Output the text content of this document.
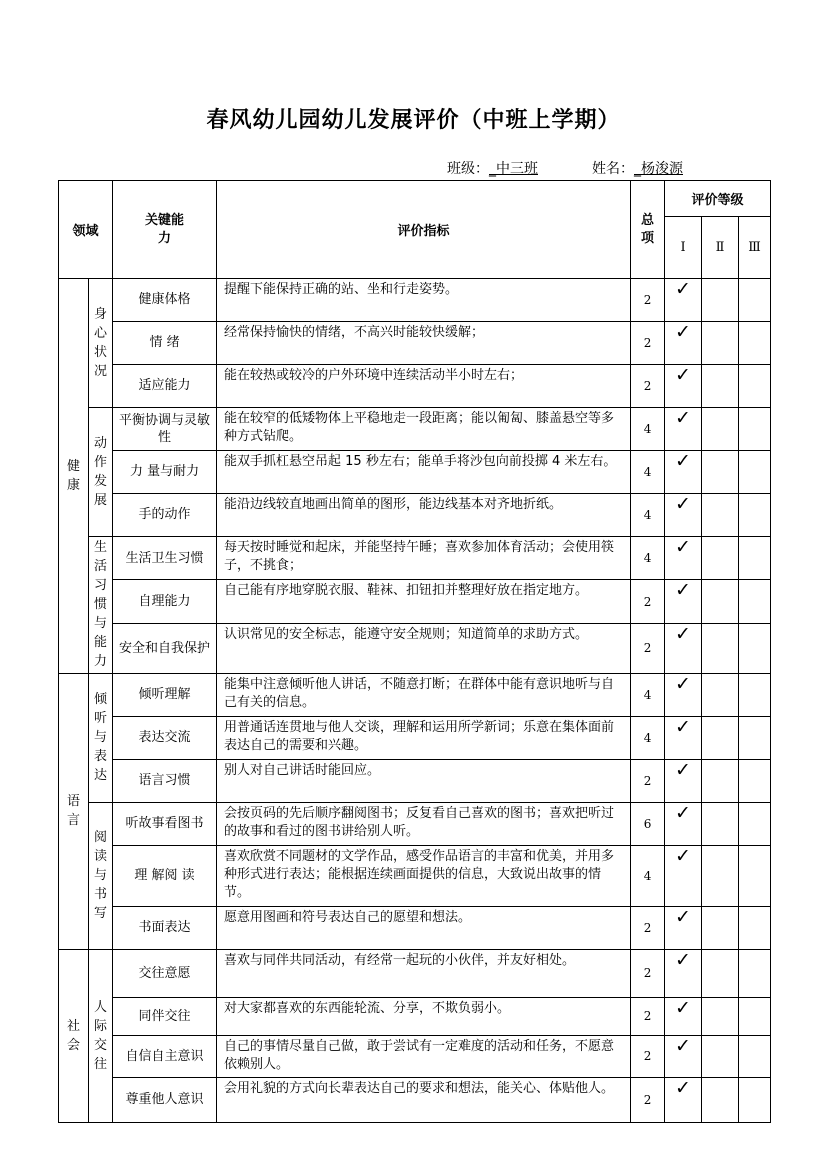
春风幼儿园幼儿发展评价（中班上学期）
班级：_中三班	姓名：_杨浚源
领域		关键能力	评价指标	总项	评价等级		
					Ⅰ	Ⅱ	Ⅲ

健康	身心状况	健康体格	提醒下能保持正确的站、坐和行走姿势。	2	✓		
		情 绪	经常保持愉快的情绪，不高兴时能较快缓解；	2	✓		
		适应能力	能在较热或较冷的户外环境中连续活动半小时左右；	2	✓		

	动作发展	平衡协调与灵敏性	能在较窄的低矮物体上平稳地走一段距离；能以匍匐、膝盖悬空等多种方式钻爬。	4	✓		
		力 量与耐力	能双手抓杠悬空吊起 15 秒左右；能单手将沙包向前投掷 4 米左右。	4	✓		
		手的动作	能沿边线较直地画出简单的图形，能边线基本对齐地折纸。	4	✓		

	生活习惯与能力	生活卫生习惯	每天按时睡觉和起床，并能坚持午睡；喜欢参加体育活动；会使用筷子，不挑食；	4	✓		
		自理能力	自己能有序地穿脱衣服、鞋袜、扣钮扣并整理好放在指定地方。	2	✓		
		安全和自我保护	认识常见的安全标志，能遵守安全规则；知道简单的求助方式。	2	✓		

语言	倾听与表达	倾听理解	能集中注意倾听他人讲话，不随意打断；在群体中能有意识地听与自己有关的信息。	4	✓		
		表达交流	用普通话连贯地与他人交谈，理解和运用所学新词；乐意在集体面前表达自己的需要和兴趣。	4	✓		
		语言习惯	别人对自己讲话时能回应。	2	✓		

	阅读与书写	听故事看图书	会按页码的先后顺序翻阅图书；反复看自己喜欢的图书；喜欢把听过的故事和看过的图书讲给别人听。	6	✓		
		理 解阅 读	喜欢欣赏不同题材的文学作品，感受作品语言的丰富和优美，并用多种形式进行表达；能根据连续画面提供的信息，大致说出故事的情节。	4	✓		
		书面表达	愿意用图画和符号表达自己的愿望和想法。	2	✓		

社会	人际交往	交往意愿	喜欢与同伴共同活动，有经常一起玩的小伙伴，并友好相处。	2	✓		
		同伴交往	对大家都喜欢的东西能轮流、分享，不欺负弱小。	2	✓		
		自信自主意识	自己的事情尽量自己做，敢于尝试有一定难度的活动和任务，不愿意依赖别人。	2	✓		
		尊重他人意识	会用礼貌的方式向长辈表达自己的要求和想法，能关心、体贴他人。	2	✓		
